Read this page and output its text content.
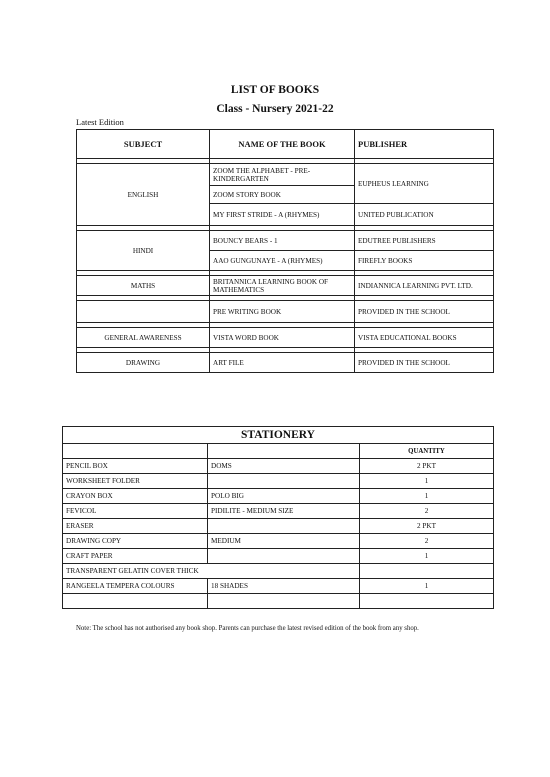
LIST OF BOOKS
Class - Nursery 2021-22
Latest Edition
SUBJECT	NAME OF THE BOOK	PUBLISHER

ENGLISH	ZOOM THE ALPHABET - PRE-KINDERGARTEN	EUPHEUS LEARNING
	ZOOM STORY BOOK	
	MY FIRST STRIDE - A (RHYMES)	UNITED PUBLICATION

HINDI	BOUNCY BEARS - 1	EDUTREE PUBLISHERS
	AAO GUNGUNAYE - A (RHYMES)	FIREFLY BOOKS

MATHS	BRITANNICA LEARNING BOOK OF MATHEMATICS	INDIANNICA LEARNING PVT. LTD.

	PRE WRITING BOOK	PROVIDED IN THE SCHOOL

GENERAL AWARENESS	VISTA WORD BOOK	VISTA EDUCATIONAL BOOKS

DRAWING	ART FILE	PROVIDED IN THE SCHOOL
STATIONERY		
		QUANTITY
PENCIL BOX	DOMS	2 PKT
WORKSHEET FOLDER		1
CRAYON BOX	POLO BIG	1
FEVICOL	PIDILITE - MEDIUM SIZE	2
ERASER		2 PKT
DRAWING COPY	MEDIUM	2
CRAFT PAPER		1
TRANSPARENT GELATIN COVER THICK		
RANGEELA TEMPERA COLOURS	18 SHADES	1

Note: The school has not authorised any book shop. Parents can purchase the latest revised edition of the book from any shop.
